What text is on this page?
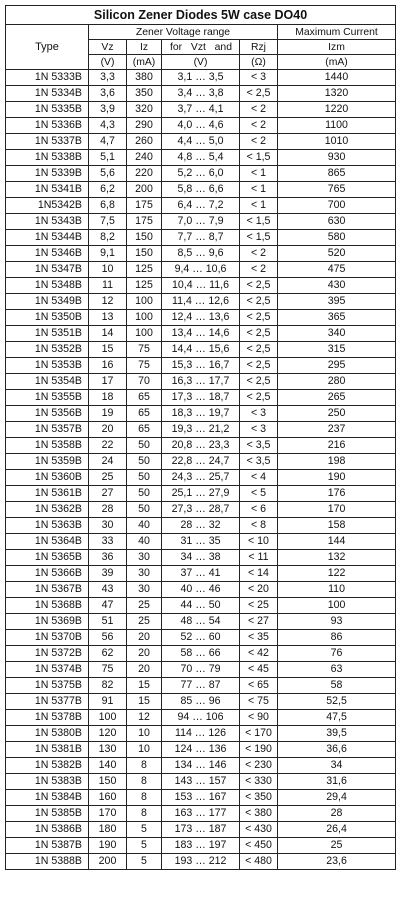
Silicon Zener Diodes 5W case DO40					
Type	Zener Voltage range				Maximum Current
	Vz	Iz	for Vzt and	Rzj	Izm
	(V)	(mA)	(V)	(Ω)	(mA)
1N 5333B	3,3	380	3,1 … 3,5	< 3	1440
1N 5334B	3,6	350	3,4 … 3,8	< 2,5	1320
1N 5335B	3,9	320	3,7 … 4,1	< 2	1220
1N 5336B	4,3	290	4,0 … 4,6	< 2	1100
1N 5337B	4,7	260	4,4 … 5,0	< 2	1010
1N 5338B	5,1	240	4,8 … 5,4	< 1,5	930
1N 5339B	5,6	220	5,2 … 6,0	< 1	865
1N 5341B	6,2	200	5,8 … 6,6	< 1	765
1N5342B	6,8	175	6,4 … 7,2	< 1	700
1N 5343B	7,5	175	7,0 … 7,9	< 1,5	630
1N 5344B	8,2	150	7,7 … 8,7	< 1,5	580
1N 5346B	9,1	150	8,5 … 9,6	< 2	520
1N 5347B	10	125	9,4 … 10,6	< 2	475
1N 5348B	11	125	10,4 … 11,6	< 2,5	430
1N 5349B	12	100	11,4 … 12,6	< 2,5	395
1N 5350B	13	100	12,4 … 13,6	< 2,5	365
1N 5351B	14	100	13,4 … 14,6	< 2,5	340
1N 5352B	15	75	14,4 … 15,6	< 2,5	315
1N 5353B	16	75	15,3 … 16,7	< 2,5	295
1N 5354B	17	70	16,3 … 17,7	< 2,5	280
1N 5355B	18	65	17,3 … 18,7	< 2,5	265
1N 5356B	19	65	18,3 … 19,7	< 3	250
1N 5357B	20	65	19,3 … 21,2	< 3	237
1N 5358B	22	50	20,8 … 23,3	< 3,5	216
1N 5359B	24	50	22,8 … 24,7	< 3,5	198
1N 5360B	25	50	24,3 … 25,7	< 4	190
1N 5361B	27	50	25,1 … 27,9	< 5	176
1N 5362B	28	50	27,3 … 28,7	< 6	170
1N 5363B	30	40	28 … 32	< 8	158
1N 5364B	33	40	31 … 35	< 10	144
1N 5365B	36	30	34 … 38	< 11	132
1N 5366B	39	30	37 … 41	< 14	122
1N 5367B	43	30	40 … 46	< 20	110
1N 5368B	47	25	44 … 50	< 25	100
1N 5369B	51	25	48 … 54	< 27	93
1N 5370B	56	20	52 … 60	< 35	86
1N 5372B	62	20	58 … 66	< 42	76
1N 5374B	75	20	70 … 79	< 45	63
1N 5375B	82	15	77 … 87	< 65	58
1N 5377B	91	15	85 … 96	< 75	52,5
1N 5378B	100	12	94 … 106	< 90	47,5
1N 5380B	120	10	114 … 126	< 170	39,5
1N 5381B	130	10	124 … 136	< 190	36,6
1N 5382B	140	8	134 … 146	< 230	34
1N 5383B	150	8	143 … 157	< 330	31,6
1N 5384B	160	8	153 … 167	< 350	29,4
1N 5385B	170	8	163 … 177	< 380	28
1N 5386B	180	5	173 … 187	< 430	26,4
1N 5387B	190	5	183 … 197	< 450	25
1N 5388B	200	5	193 … 212	< 480	23,6
